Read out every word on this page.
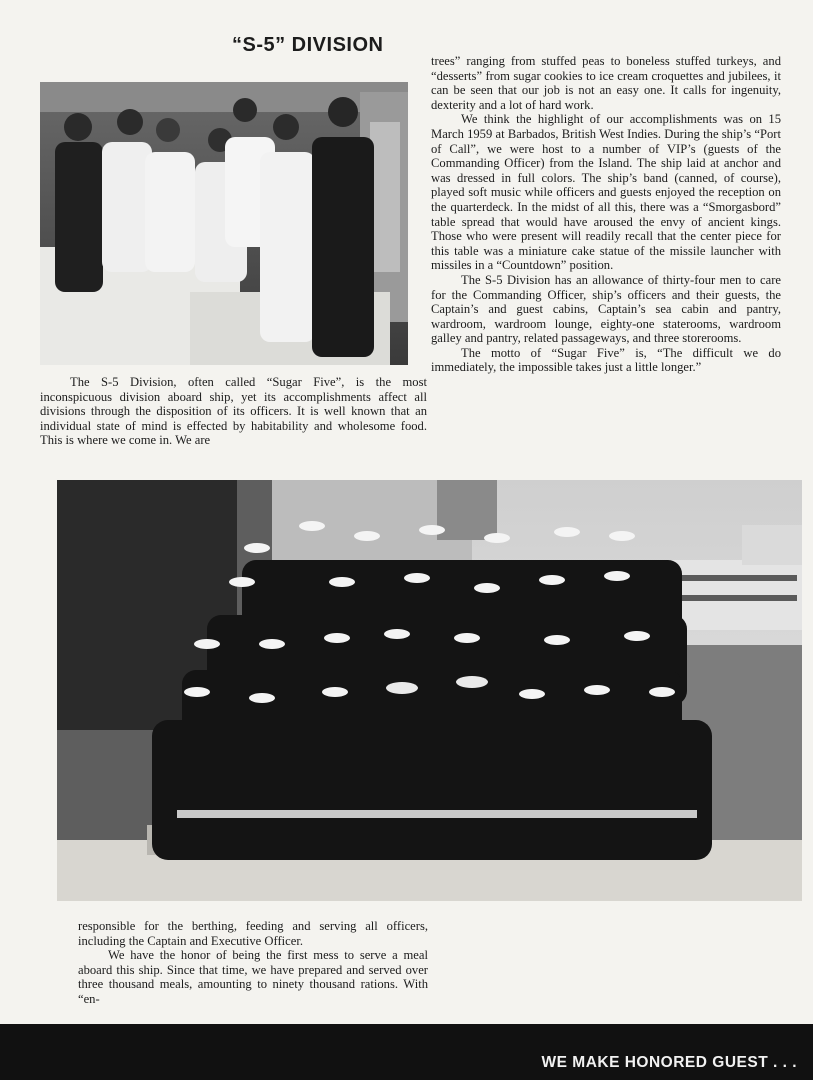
“S-5” DIVISION

The S-5 Division, often called “Sugar Five”, is the most inconspicuous division aboard ship, yet its accomplishments affect all divisions through the disposition of its officers. It is well known that an individual state of mind is effected by habitability and wholesome food. This is where we come in. We are

trees” ranging from stuffed peas to boneless stuffed turkeys, and “desserts” from sugar cookies to ice cream croquettes and jubilees, it can be seen that our job is not an easy one. It calls for ingenuity, dexterity and a lot of hard work.

We think the highlight of our accomplishments was on 15 March 1959 at Barbados, British West Indies. During the ship’s “Port of Call”, we were host to a number of VIP’s (guests of the Commanding Officer) from the Island. The ship laid at anchor and was dressed in full colors. The ship’s band (canned, of course), played soft music while officers and guests enjoyed the reception on the quarterdeck. In the midst of all this, there was a “Smorgasbord” table spread that would have aroused the envy of ancient kings. Those who were present will readily recall that the center piece for this table was a miniature cake statue of the missile launcher with missiles in a “Countdown” position.

The S-5 Division has an allowance of thirty-four men to care for the Commanding Officer, ship’s officers and their guests, the Captain’s and guest cabins, Captain’s sea cabin and pantry, wardroom, wardroom lounge, eighty-one staterooms, wardroom galley and pantry, related passageways, and three storerooms.

The motto of “Sugar Five” is, “The difficult we do immediately, the impossible takes just a little longer.”

responsible for the berthing, feeding and serving all officers, including the Captain and Executive Officer.

We have the honor of being the first mess to serve a meal aboard this ship. Since that time, we have prepared and served over three thousand meals, amounting to ninety thousand rations. With “en-

WE MAKE HONORED GUEST . . .
